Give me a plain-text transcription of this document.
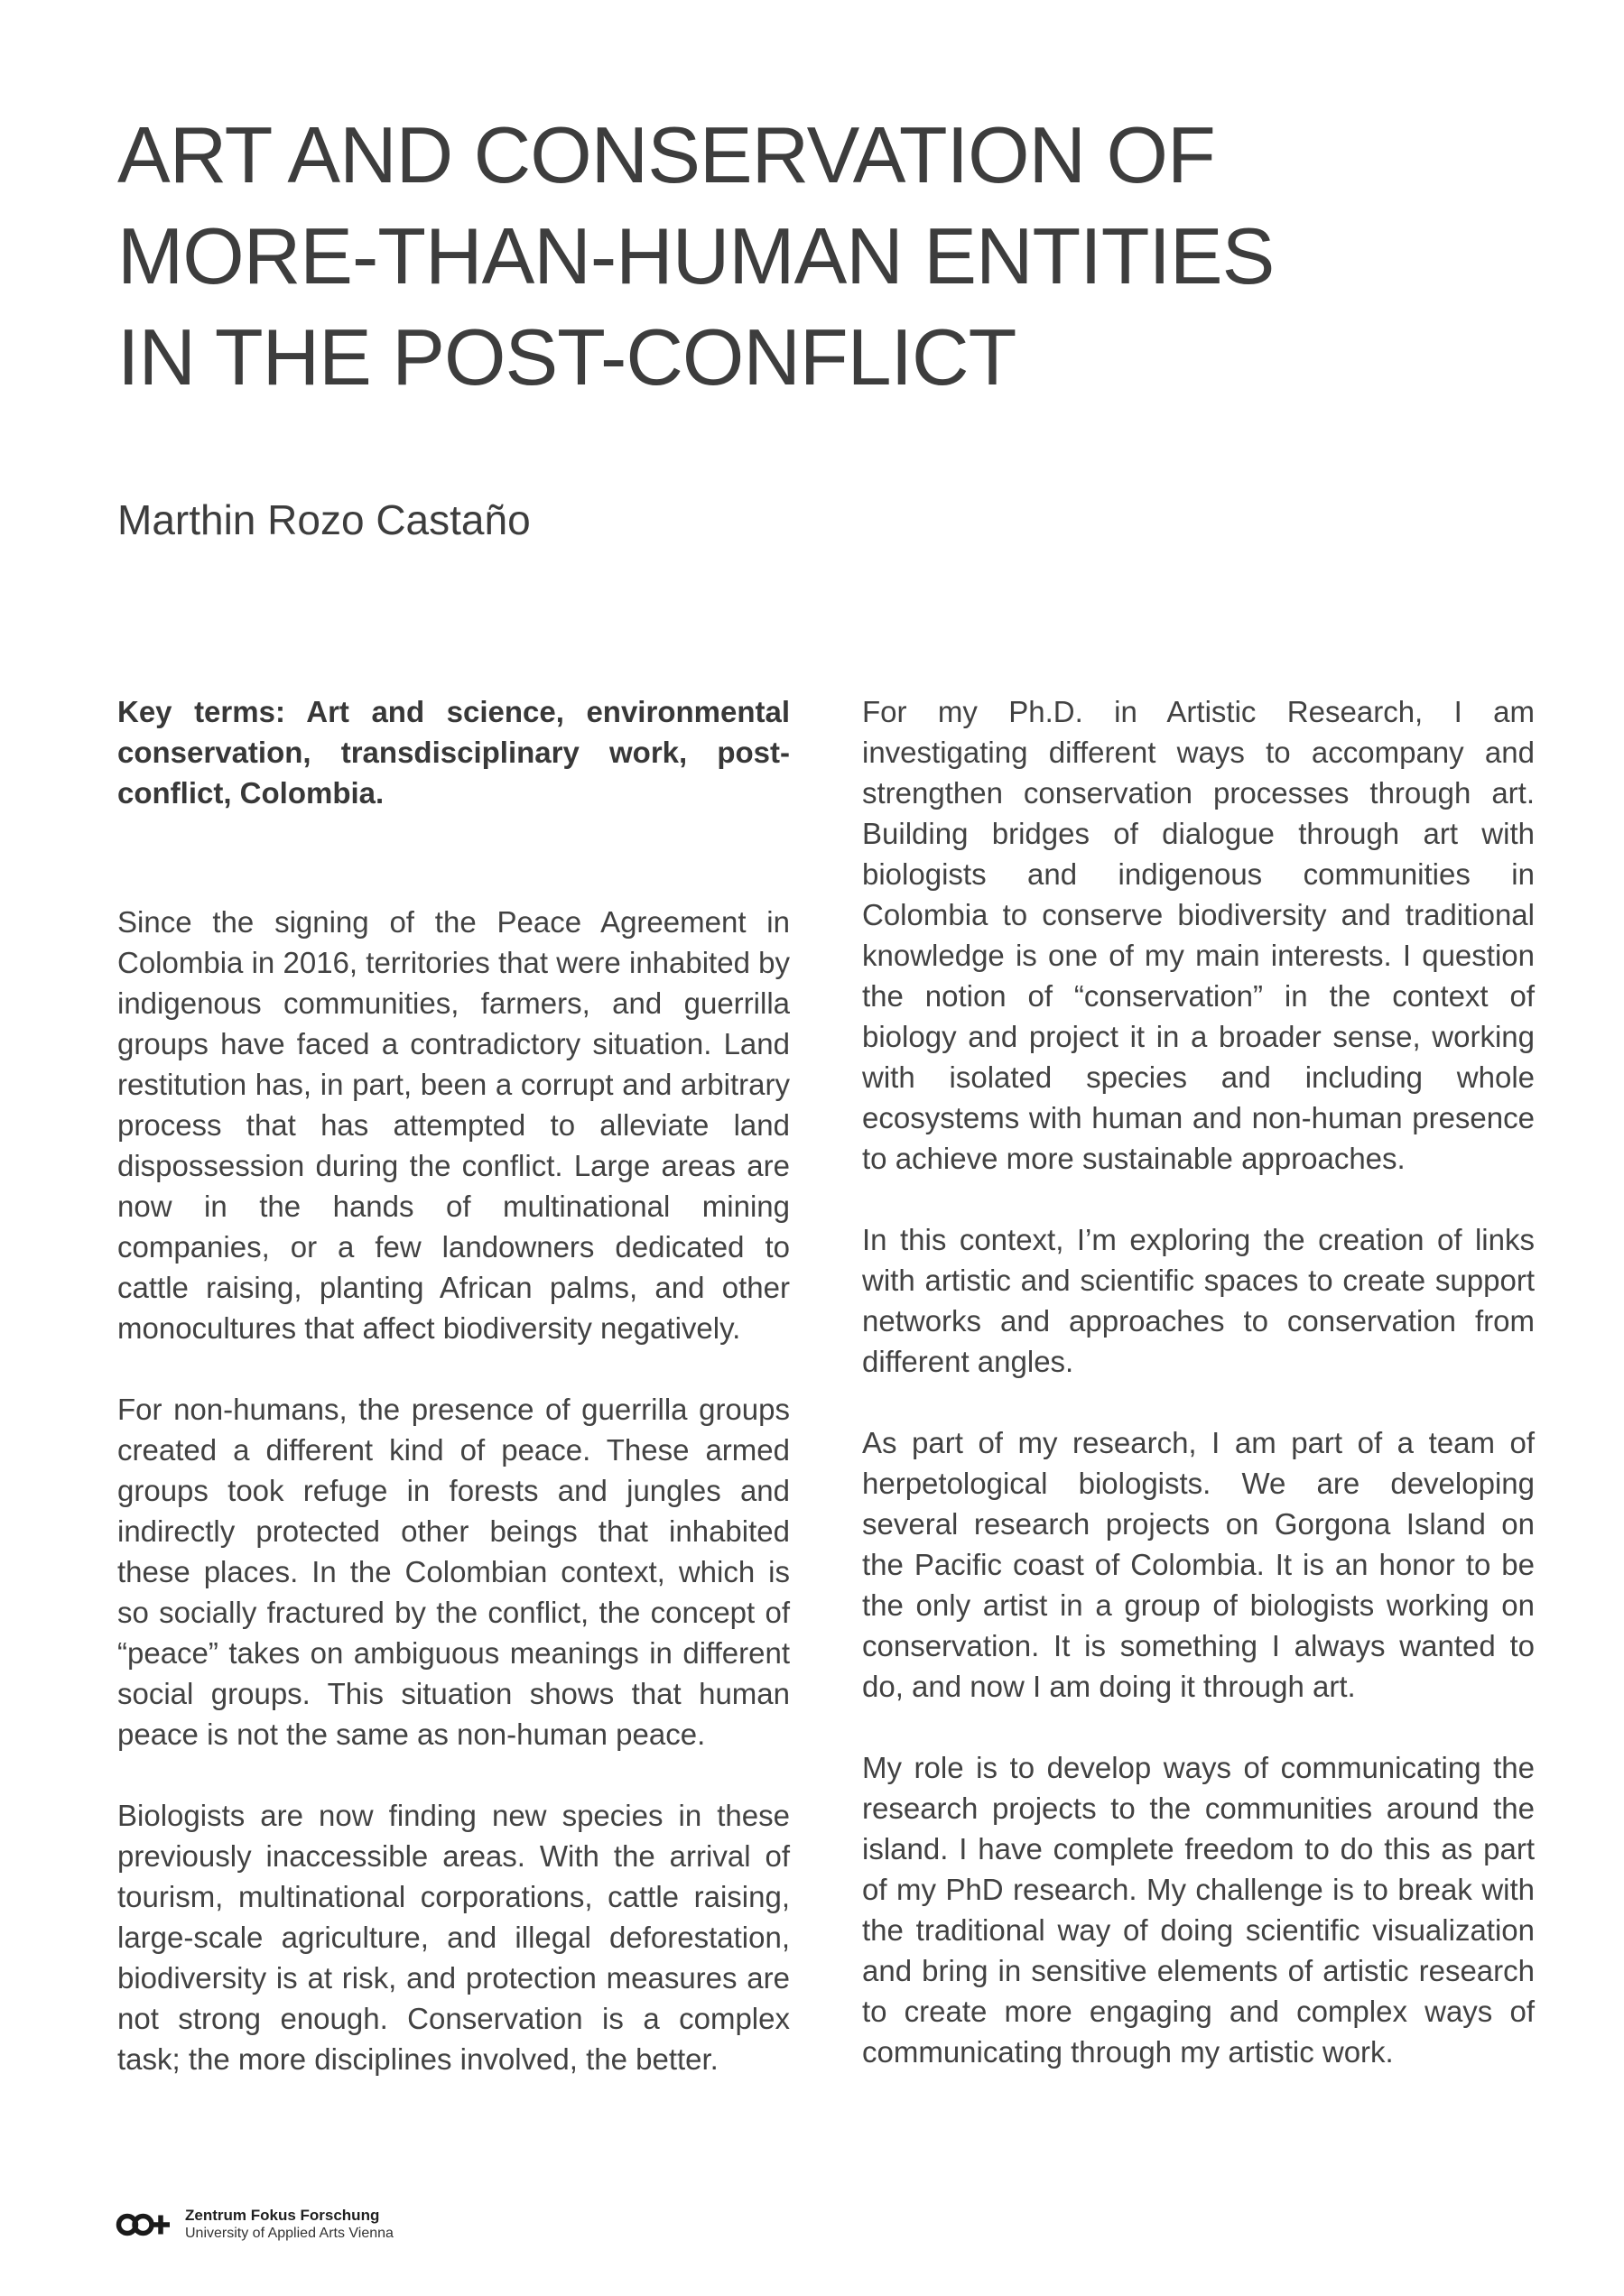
ART AND CONSERVATION OF
MORE-THAN-HUMAN ENTITIES
IN THE POST-CONFLICT
Marthin Rozo Castaño

Key terms: Art and science, environmental conservation, transdisciplinary work, post-conflict, Colombia.

Since the signing of the Peace Agreement in Colombia in 2016, territories that were inhabited by indigenous communities, farmers, and guerrilla groups have faced a contradictory situation. Land restitution has, in part, been a corrupt and arbitrary process that has attempted to alleviate land dispossession during the conflict. Large areas are now in the hands of multinational mining companies, or a few landowners dedicated to cattle raising, planting African palms, and other monocultures that affect biodiversity negatively.

For non-humans, the presence of guerrilla groups created a different kind of peace. These armed groups took refuge in forests and jungles and indirectly protected other beings that inhabited these places. In the Colombian context, which is so socially fractured by the conflict, the concept of “peace” takes on ambiguous meanings in different social groups. This situation shows that human peace is not the same as non-human peace.

Biologists are now finding new species in these previously inaccessible areas. With the arrival of tourism, multinational corporations, cattle raising, large-scale agriculture, and illegal deforestation, biodiversity is at risk, and protection measures are not strong enough. Conservation is a complex task; the more disciplines involved, the better.

For my Ph.D. in Artistic Research, I am investigating different ways to accompany and strengthen conservation processes through art. Building bridges of dialogue through art with biologists and indigenous communities in Colombia to conserve biodiversity and traditional knowledge is one of my main interests. I question the notion of “conservation” in the context of biology and project it in a broader sense, working with isolated species and including whole ecosystems with human and non-human presence to achieve more sustainable approaches.

In this context, I’m exploring the creation of links with artistic and scientific spaces to create support networks and approaches to conservation from different angles.

As part of my research, I am part of a team of herpetological biologists. We are developing several research projects on Gorgona Island on the Pacific coast of Colombia. It is an honor to be the only artist in a group of biologists working on conservation. It is something I always wanted to do, and now I am doing it through art.

My role is to develop ways of communicating the research projects to the communities around the island. I have complete freedom to do this as part of my PhD research. My challenge is to break with the traditional way of doing scientific visualization and bring in sensitive elements of artistic research to create more engaging and complex ways of communicating through my artistic work.

Zentrum Fokus Forschung
University of Applied Arts Vienna
